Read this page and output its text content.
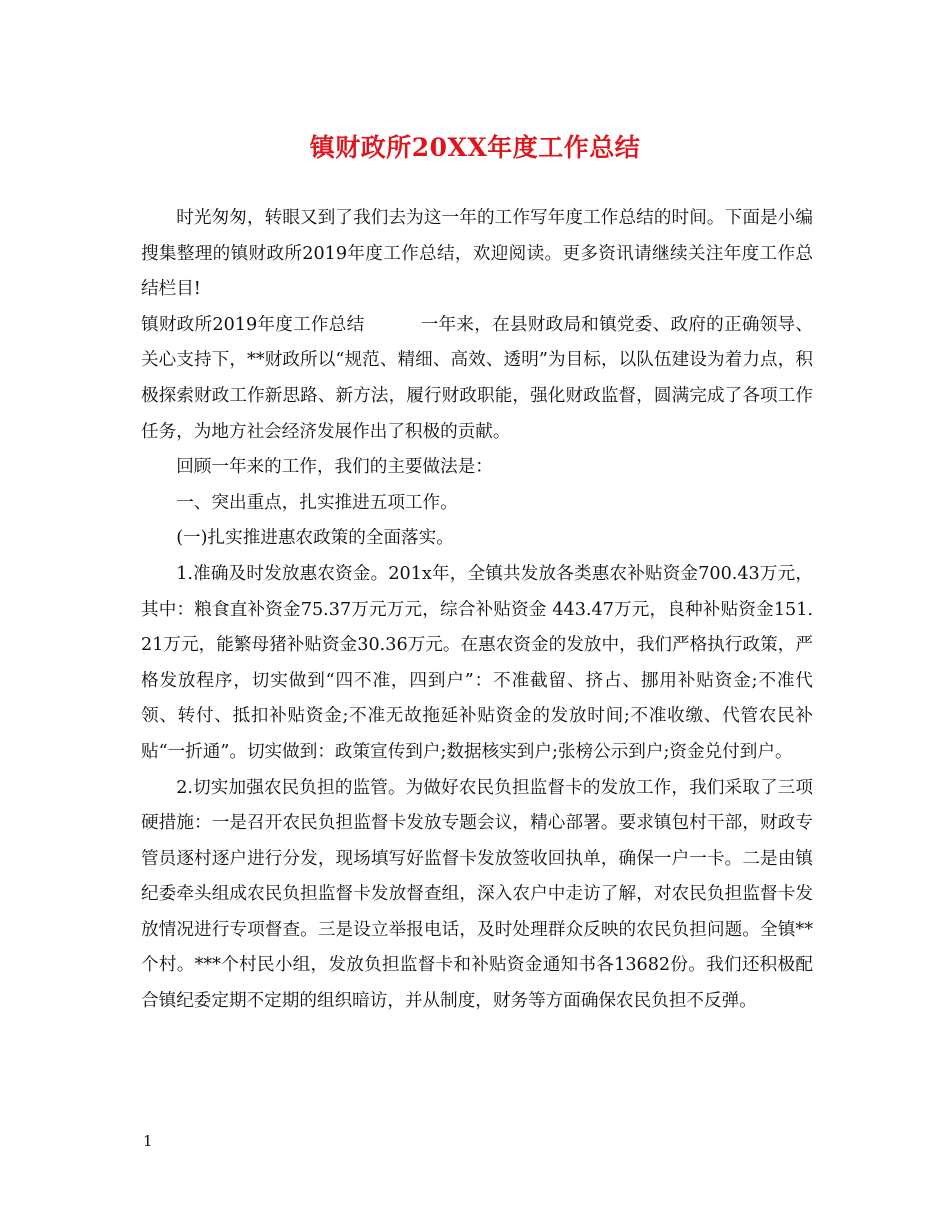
镇财政所20XX年度工作总结

时光匆匆，转眼又到了我们去为这一年的工作写年度工作总结的时间。下面是小编搜集整理的镇财政所2019年度工作总结，欢迎阅读。更多资讯请继续关注年度工作总结栏目!

镇财政所2019年度工作总结	一年来，在县财政局和镇党委、政府的正确领导、关心支持下，**财政所以“规范、精细、高效、透明”为目标，以队伍建设为着力点，积极探索财政工作新思路、新方法，履行财政职能，强化财政监督，圆满完成了各项工作任务，为地方社会经济发展作出了积极的贡献。

回顾一年来的工作，我们的主要做法是：

一、突出重点，扎实推进五项工作。

(一)扎实推进惠农政策的全面落实。

1.准确及时发放惠农资金。201x年，全镇共发放各类惠农补贴资金700.43万元，其中：粮食直补资金75.37万元万元，综合补贴资金 443.47万元，良种补贴资金151.21万元，能繁母猪补贴资金30.36万元。在惠农资金的发放中，我们严格执行政策，严格发放程序，切实做到“四不准，四到户”：不准截留、挤占、挪用补贴资金;不准代领、转付、抵扣补贴资金;不准无故拖延补贴资金的发放时间;不准收缴、代管农民补贴“一折通”。切实做到：政策宣传到户;数据核实到户;张榜公示到户;资金兑付到户。

2.切实加强农民负担的监管。为做好农民负担监督卡的发放工作，我们采取了三项硬措施：一是召开农民负担监督卡发放专题会议，精心部署。要求镇包村干部，财政专管员逐村逐户进行分发，现场填写好监督卡发放签收回执单，确保一户一卡。二是由镇纪委牵头组成农民负担监督卡发放督查组，深入农户中走访了解，对农民负担监督卡发放情况进行专项督查。三是设立举报电话，及时处理群众反映的农民负担问题。全镇**个村。***个村民小组，发放负担监督卡和补贴资金通知书各13682份。我们还积极配合镇纪委定期不定期的组织暗访，并从制度，财务等方面确保农民负担不反弹。

1
